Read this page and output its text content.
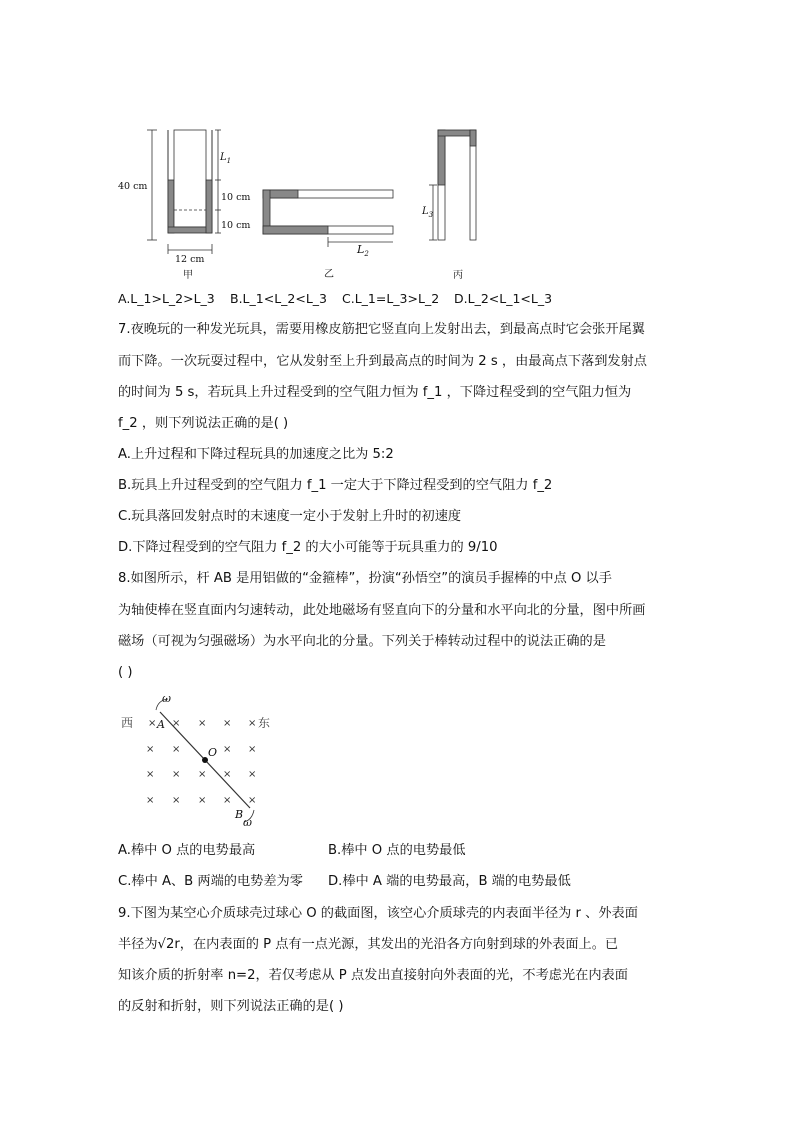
40 cm
$L_1$
10 cm
10 cm
12 cm
甲
$L_2$
乙
$L_3$
丙
A.L_1>L_2>L_3 B.L_1<L_2<L_3 C.L_1=L_3>L_2 D.L_2<L_1<L_3
7.夜晚玩的一种发光玩具，需要用橡皮筋把它竖直向上发射出去，到最高点时它会张开尾翼
而下降。一次玩耍过程中，它从发射至上升到最高点的时间为 2 s ，由最高点下落到发射点
的时间为 5 s，若玩具上升过程受到的空气阻力恒为 f_1 ，下降过程受到的空气阻力恒为
f_2 ，则下列说法正确的是( )
A.上升过程和下降过程玩具的加速度之比为 5:2
B.玩具上升过程受到的空气阻力 f_1 一定大于下降过程受到的空气阻力 f_2
C.玩具落回发射点时的末速度一定小于发射上升时的初速度
D.下降过程受到的空气阻力 f_2 的大小可能等于玩具重力的 9/10
8.如图所示，杆 AB 是用铝做的“金箍棒”，扮演“孙悟空”的演员手握棒的中点 O 以手
为轴使棒在竖直面内匀速转动，此处地磁场有竖直向下的分量和水平向北的分量，图中所画
磁场（可视为匀强磁场）为水平向北的分量。下列关于棒转动过程中的说法正确的是
( )
× × × × ×
× ×	× ×
× × × × ×
× × × × ×
西	东
A
B
O
ω
ω
A.棒中 O 点的电势最高	B.棒中 O 点的电势最低
C.棒中 A、B 两端的电势差为零 D.棒中 A 端的电势最高，B 端的电势最低
9.下图为某空心介质球壳过球心 O 的截面图，该空心介质球壳的内表面半径为 r 、外表面
半径为√2r，在内表面的 P 点有一点光源，其发出的光沿各方向射到球的外表面上。已
知该介质的折射率 n=2，若仅考虑从 P 点发出直接射向外表面的光，不考虑光在内表面
的反射和折射，则下列说法正确的是( )
